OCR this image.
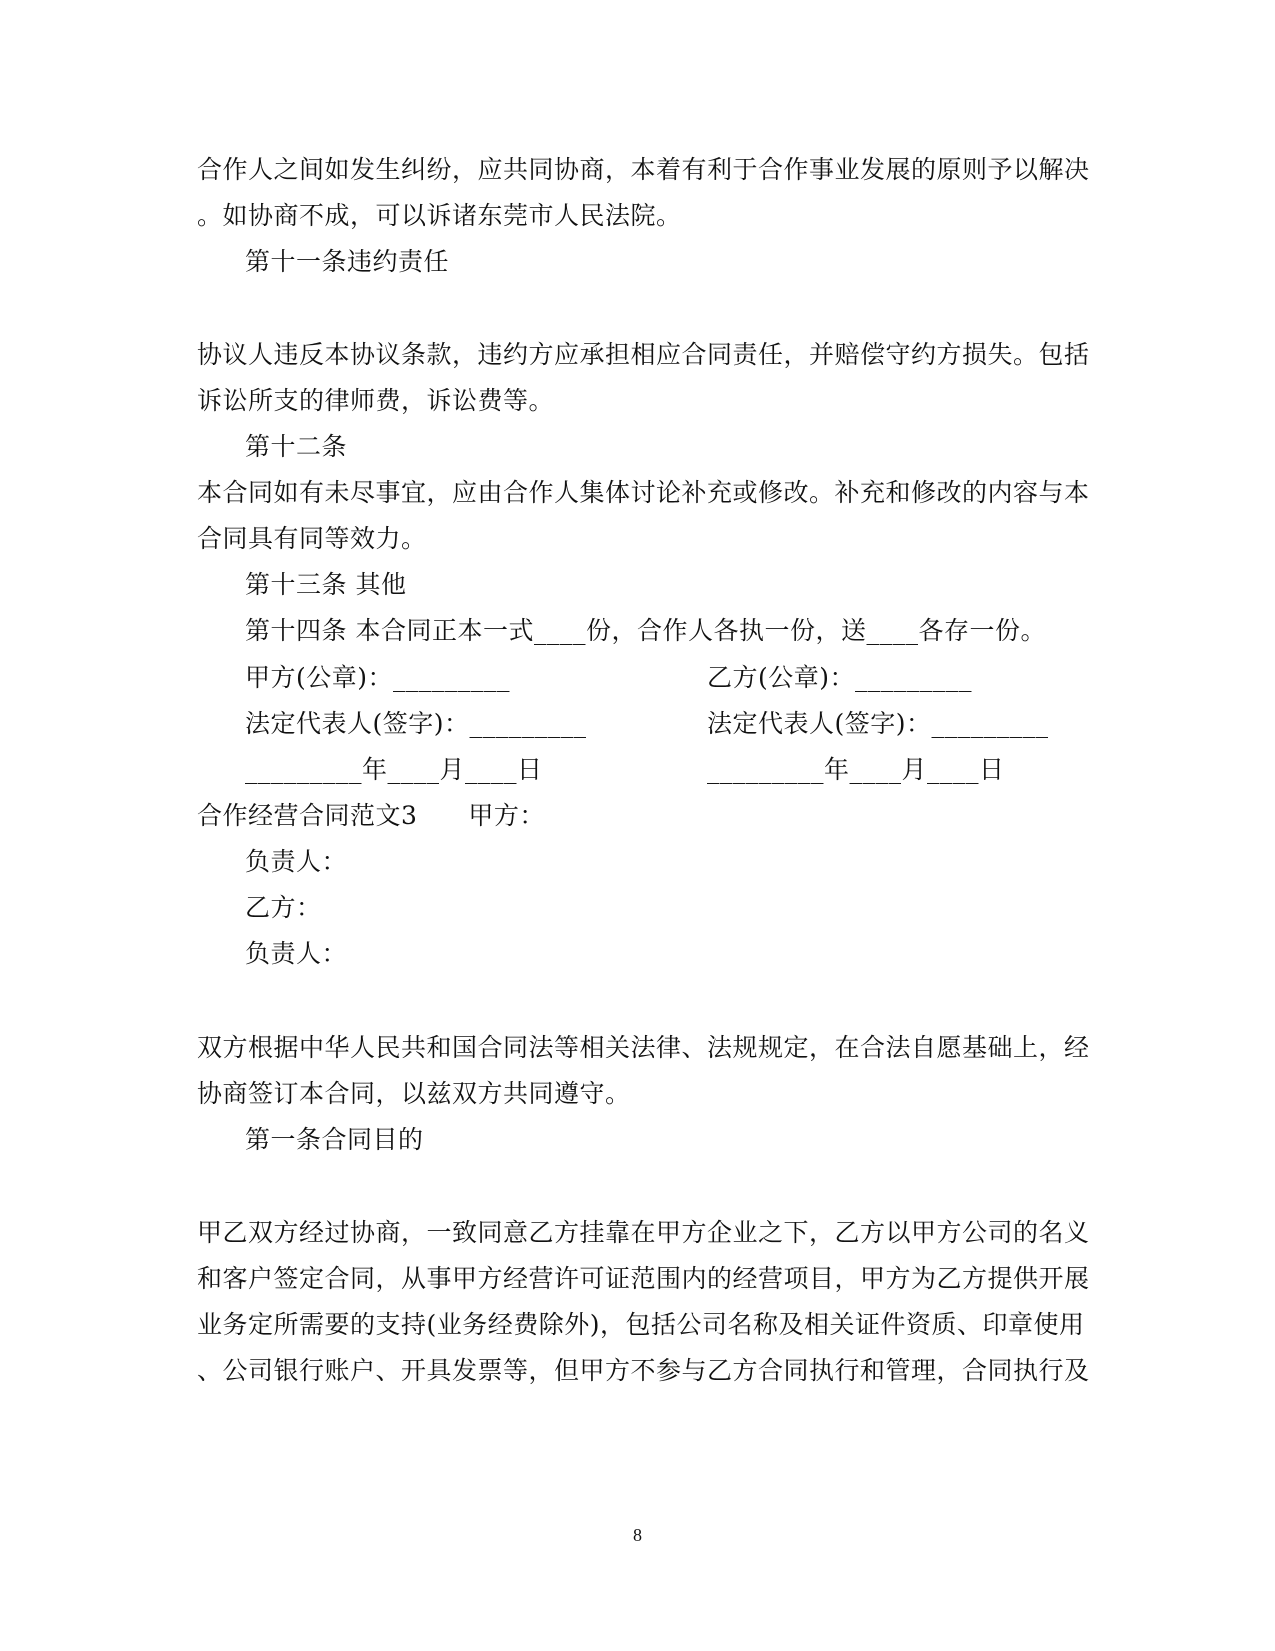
合作人之间如发生纠纷，应共同协商，本着有利于合作事业发展的原则予以解决
。如协商不成，可以诉诸东莞市人民法院。
第十一条违约责任
协议人违反本协议条款，违约方应承担相应合同责任，并赔偿守约方损失。包括
诉讼所支的律师费，诉讼费等。
第十二条
本合同如有未尽事宜，应由合作人集体讨论补充或修改。补充和修改的内容与本
合同具有同等效力。
第十三条 其他
第十四条 本合同正本一式____份，合作人各执一份，送____各存一份。
甲方(公章)：_________	乙方(公章)：_________
法定代表人(签字)：_________	法定代表人(签字)：_________
_________年____月____日	_________年____月____日
合作经营合同范文3　　甲方：
负责人：
乙方：
负责人：
双方根据中华人民共和国合同法等相关法律、法规规定，在合法自愿基础上，经
协商签订本合同，以兹双方共同遵守。
第一条合同目的
甲乙双方经过协商，一致同意乙方挂靠在甲方企业之下，乙方以甲方公司的名义
和客户签定合同，从事甲方经营许可证范围内的经营项目，甲方为乙方提供开展
业务定所需要的支持(业务经费除外)，包括公司名称及相关证件资质、印章使用
、公司银行账户、开具发票等，但甲方不参与乙方合同执行和管理，合同执行及
8
